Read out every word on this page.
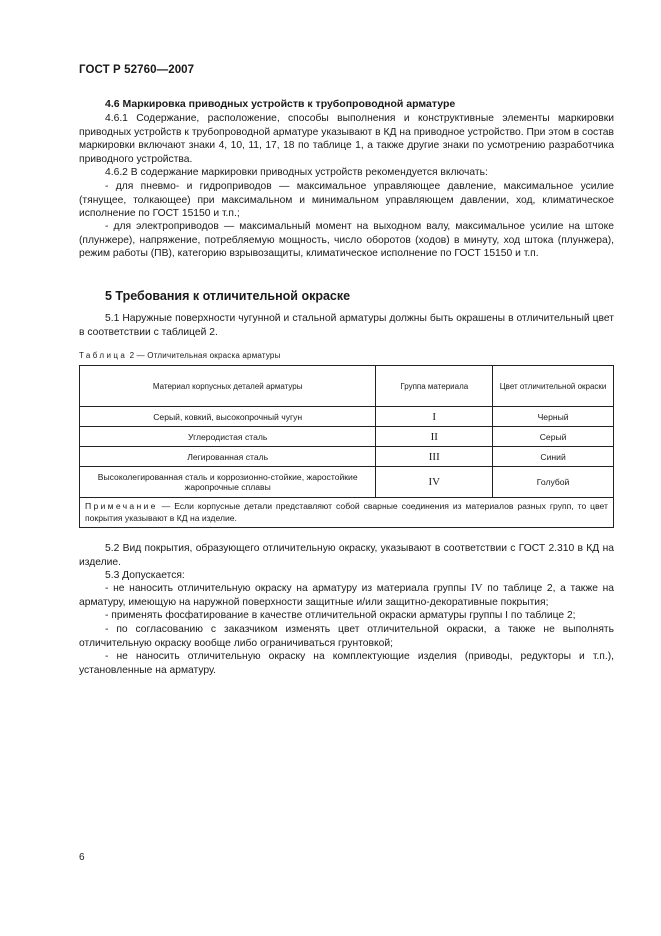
ГОСТ Р 52760—2007
4.6 Маркировка приводных устройств к трубопроводной арматуре
4.6.1 Содержание, расположение, способы выполнения и конструктивные элементы маркировки приводных устройств к трубопроводной арматуре указывают в КД на приводное устройство. При этом в состав маркировки включают знаки 4, 10, 11, 17, 18 по таблице 1, а также другие знаки по усмотрению разработчика приводного устройства.
4.6.2 В содержание маркировки приводных устройств рекомендуется включать:
- для пневмо- и гидроприводов — максимальное управляющее давление, максимальное усилие (тянущее, толкающее) при максимальном и минимальном управляющем давлении, ход, климатическое исполнение по ГОСТ 15150 и т.п.;
- для электроприводов — максимальный момент на выходном валу, максимальное усилие на штоке (плунжере), напряжение, потребляемую мощность, число оборотов (ходов) в минуту, ход штока (плунжера), режим работы (ПВ), категорию взрывозащиты, климатическое исполнение по ГОСТ 15150 и т.п.
5 Требования к отличительной окраске
5.1 Наружные поверхности чугунной и стальной арматуры должны быть окрашены в отличительный цвет в соответствии с таблицей 2.
Таблица 2 — Отличительная окраска арматуры
Материал корпусных деталей арматуры	Группа материала	Цвет отличительной окраски
Серый, ковкий, высокопрочный чугун	I	Черный
Углеродистая сталь	II	Серый
Легированная сталь	III	Синий
Высоколегированная сталь и коррозионно-стойкие, жаростойкие жаропрочные сплавы	IV	Голубой
Примечание — Если корпусные детали представляют собой сварные соединения из материалов разных групп, то цвет покрытия указывают в КД на изделие.		
5.2 Вид покрытия, образующего отличительную окраску, указывают в соответствии с ГОСТ 2.310 в КД на изделие.
5.3 Допускается:
- не наносить отличительную окраску на арматуру из материала группы IV по таблице 2, а также на арматуру, имеющую на наружной поверхности защитные и/или защитно-декоративные покрытия;
- применять фосфатирование в качестве отличительной окраски арматуры группы I по таблице 2;
- по согласованию с заказчиком изменять цвет отличительной окраски, а также не выполнять отличительную окраску вообще либо ограничиваться грунтовкой;
- не наносить отличительную окраску на комплектующие изделия (приводы, редукторы и т.п.), установленные на арматуру.
6
